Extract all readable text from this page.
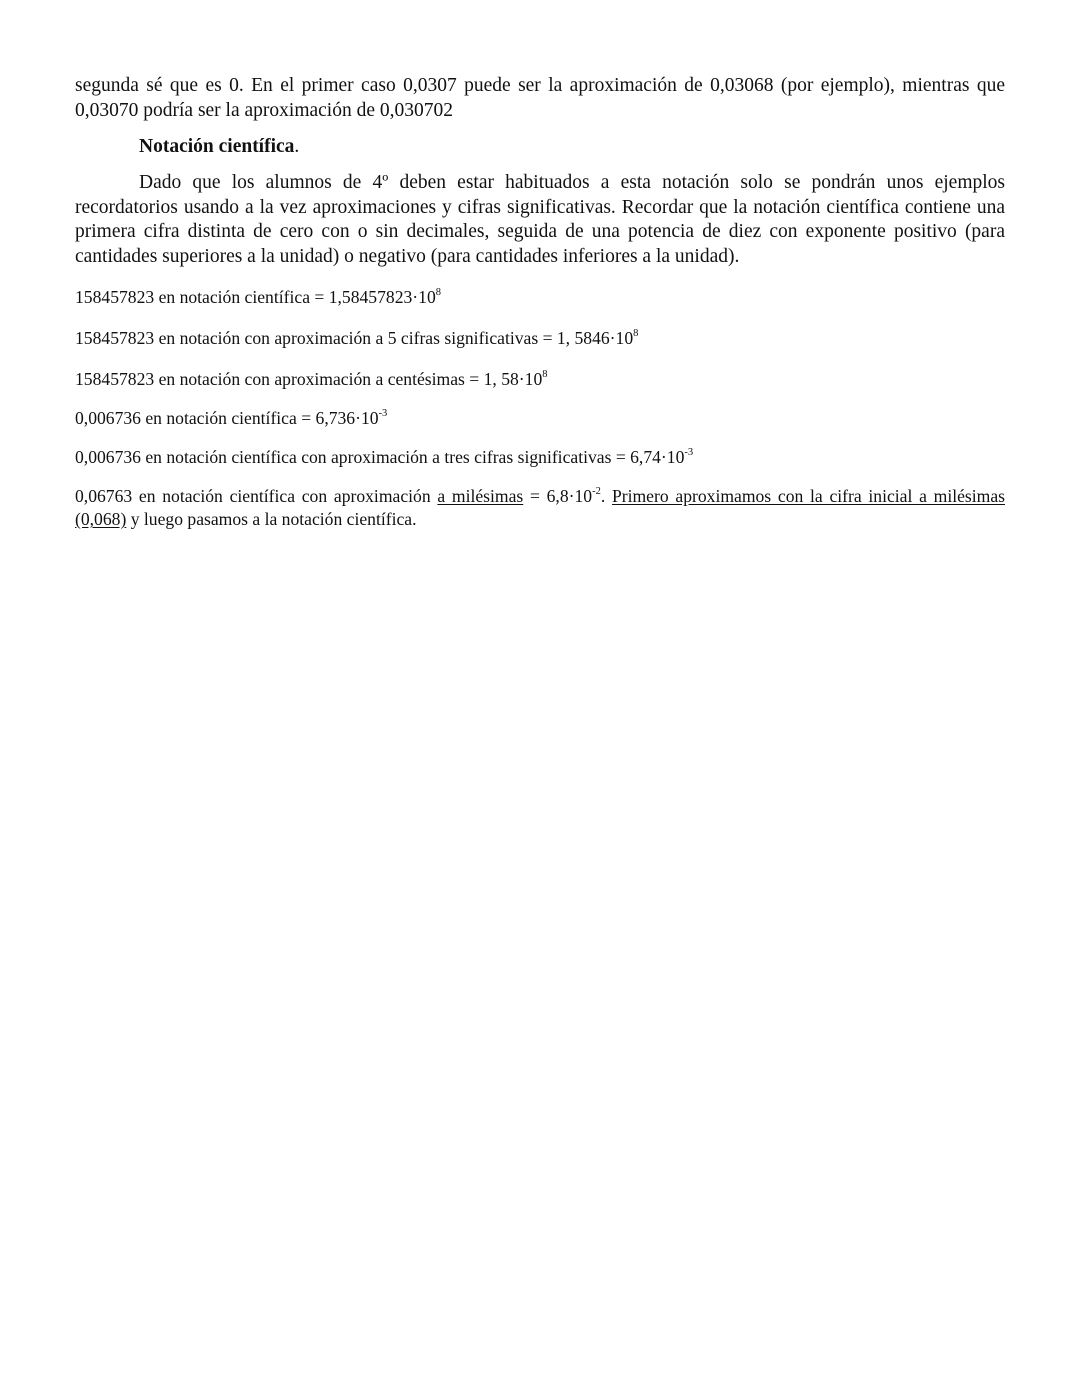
segunda sé que es 0. En el primer caso 0,0307 puede ser la aproximación de 0,03068 (por ejemplo), mientras que 0,03070 podría ser la aproximación de 0,030702

Notación científica.

Dado que los alumnos de 4º deben estar habituados a esta notación solo se pondrán unos ejemplos recordatorios usando a la vez aproximaciones y cifras significativas. Recordar que la notación científica contiene una primera cifra distinta de cero con o sin decimales, seguida de una potencia de diez con exponente positivo (para cantidades superiores a la unidad) o negativo (para cantidades inferiores a la unidad).

158457823 en notación científica = $1,58457823\cdot 10^8$

158457823 en notación con aproximación a 5 cifras significativas = 1, $5846\cdot 10^8$

158457823 en notación con aproximación a centésimas = 1, $58\cdot 10^8$

0,006736 en notación científica = $6,736\cdot 10^{-3}$

0,006736 en notación científica con aproximación a tres cifras significativas = $6,74\cdot 10^{-3}$

0,06763 en notación científica con aproximación a milésimas = $6,8\cdot 10^{-2}$. Primero aproximamos con la cifra inicial a milésimas (0,068) y luego pasamos a la notación científica.
